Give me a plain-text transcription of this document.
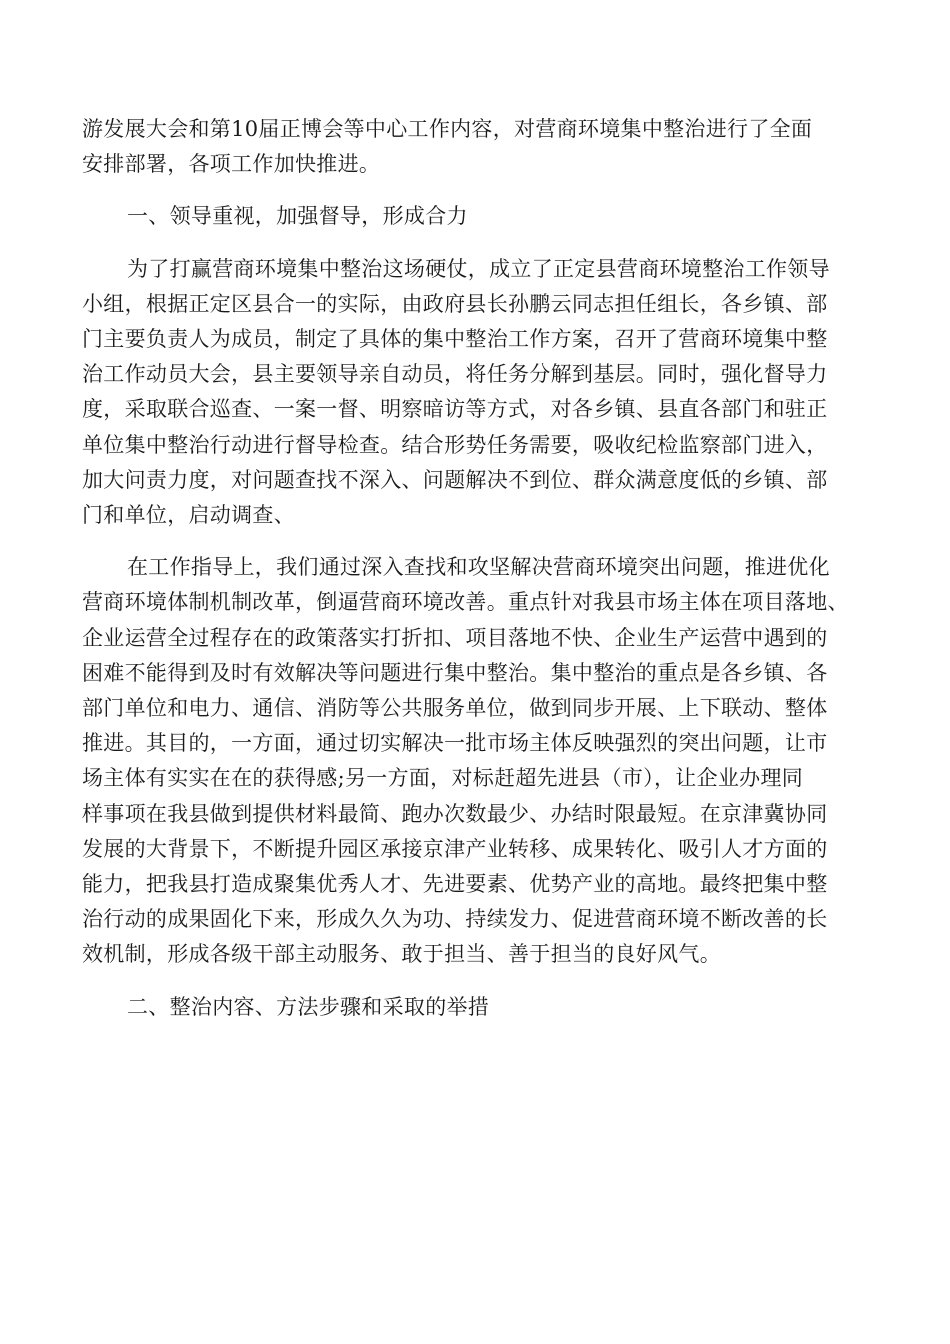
游发展大会和第10届正博会等中心工作内容，对营商环境集中整治进行了全面
安排部署，各项工作加快推进。
一、领导重视，加强督导，形成合力
为了打赢营商环境集中整治这场硬仗，成立了正定县营商环境整治工作领导
小组，根据正定区县合一的实际，由政府县长孙鹏云同志担任组长，各乡镇、部
门主要负责人为成员，制定了具体的集中整治工作方案，召开了营商环境集中整
治工作动员大会，县主要领导亲自动员，将任务分解到基层。同时，强化督导力
度，采取联合巡查、一案一督、明察暗访等方式，对各乡镇、县直各部门和驻正
单位集中整治行动进行督导检查。结合形势任务需要，吸收纪检监察部门进入，
加大问责力度，对问题查找不深入、问题解决不到位、群众满意度低的乡镇、部
门和单位，启动调查、
在工作指导上，我们通过深入查找和攻坚解决营商环境突出问题，推进优化
营商环境体制机制改革，倒逼营商环境改善。重点针对我县市场主体在项目落地、
企业运营全过程存在的政策落实打折扣、项目落地不快、企业生产运营中遇到的
困难不能得到及时有效解决等问题进行集中整治。集中整治的重点是各乡镇、各
部门单位和电力、通信、消防等公共服务单位，做到同步开展、上下联动、整体
推进。其目的，一方面，通过切实解决一批市场主体反映强烈的突出问题，让市
场主体有实实在在的获得感;另一方面，对标赶超先进县（市），让企业办理同
样事项在我县做到提供材料最简、跑办次数最少、办结时限最短。在京津冀协同
发展的大背景下，不断提升园区承接京津产业转移、成果转化、吸引人才方面的
能力，把我县打造成聚集优秀人才、先进要素、优势产业的高地。最终把集中整
治行动的成果固化下来，形成久久为功、持续发力、促进营商环境不断改善的长
效机制，形成各级干部主动服务、敢于担当、善于担当的良好风气。
二、整治内容、方法步骤和采取的举措
